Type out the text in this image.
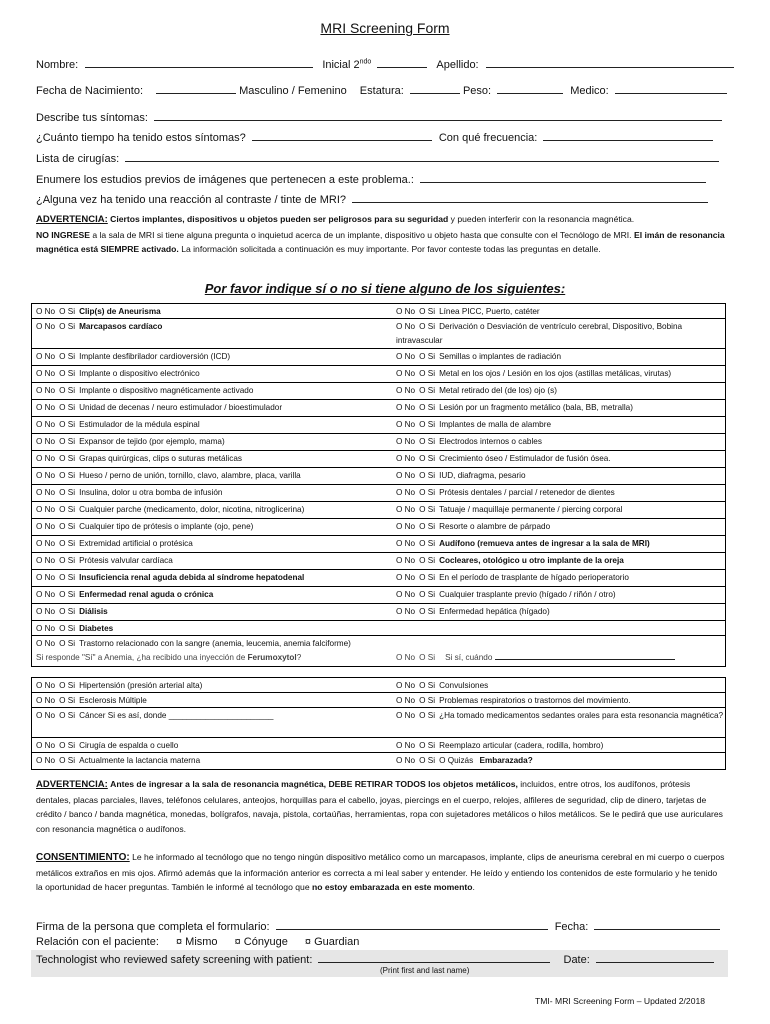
MRI Screening Form
Nombre:	Inicial $2^{ndo}$	Apellido:
Fecha de Nacimiento:	Masculino / Femenino Estatura:	Peso:	Medico:
Describe tus síntomas:
¿Cuánto tiempo ha tenido estos síntomas?	Con qué frecuencia:
Lista de cirugías:
Enumere los estudios previos de imágenes que pertenecen a este problema.:
¿Alguna vez ha tenido una reacción al contraste / tinte de MRI?
ADVERTENCIA: Ciertos implantes, dispositivos u objetos pueden ser peligrosos para su seguridad y pueden interferir con la resonancia magnética.
NO INGRESE a la sala de MRI si tiene alguna pregunta o inquietud acerca de un implante, dispositivo u objeto hasta que consulte con el Tecnólogo de MRI. El imán de resonancia magnética está SIEMPRE activado. La información solicitada a continuación es muy importante. Por favor conteste todas las preguntas en detalle.
Por favor indique sí o no si tiene alguno de los siguientes:
O No O Si Clip(s) de Aneurisma	O No O Si Línea PICC, Puerto, catéter
O No O Si Marcapasos cardíaco	O No O Si Derivación o Desviación de ventrículo cerebral, Dispositivo, Bobina intravascular
O No O Si Implante desfibrilador cardioversión (ICD)	O No O Si Semillas o implantes de radiación
O No O Si Implante o dispositivo electrónico	O No O Si Metal en los ojos / Lesión en los ojos (astillas metálicas, virutas)
O No O Si Implante o dispositivo magnéticamente activado	O No O Si Metal retirado del (de los) ojo (s)
O No O Si Unidad de decenas / neuro estimulador / bioestimulador	O No O Si Lesión por un fragmento metálico (bala, BB, metralla)
O No O Si Estimulador de la médula espinal	O No O Si Implantes de malla de alambre
O No O Si Expansor de tejido (por ejemplo, mama)	O No O Si Electrodos internos o cables
O No O Si Grapas quirúrgicas, clips o suturas metálicas	O No O Si Crecimiento óseo / Estimulador de fusión ósea.
O No O Si Hueso / perno de unión, tornillo, clavo, alambre, placa, varilla	O No O Si IUD, diafragma, pesario
O No O Si Insulina, dolor u otra bomba de infusión	O No O Si Prótesis dentales / parcial / retenedor de dientes
O No O Si Cualquier parche (medicamento, dolor, nicotina, nitroglicerina)	O No O Si Tatuaje / maquillaje permanente / piercing corporal
O No O Si Cualquier tipo de prótesis o implante (ojo, pene)	O No O Si Resorte o alambre de párpado
O No O Si Extremidad artificial o protésica	O No O Si Audífono (remueva antes de ingresar a la sala de MRI)
O No O Si Prótesis valvular cardíaca	O No O Si Cocleares, otológico u otro implante de la oreja
O No O Si Insuficiencia renal aguda debida al síndrome hepatodenal	O No O Si En el período de trasplante de hígado perioperatorio
O No O Si Enfermedad renal aguda o crónica	O No O Si Cualquier trasplante previo (hígado / riñón / otro)
O No O Si Diálisis	O No O Si Enfermedad hepática (hígado)
O No O Si Diabetes
O No O Si Trastorno relacionado con la sangre (anemia, leucemia, anemia falciforme)
Si responde "Sí" a Anemia, ¿ha recibido una inyección de Ferumoxytol?	O No O Si Si sí, cuándo
O No O Si Hipertensión (presión arterial alta)	O No O Si Convulsiones
O No O Si Esclerosis Múltiple	O No O Si Problemas respiratorios o trastornos del movimiento.
O No O Si Cáncer Si es así, donde _______________________	O No O Si ¿Ha tomado medicamentos sedantes orales para esta resonancia magnética?
O No O Si Cirugía de espalda o cuello	O No O Si Reemplazo articular (cadera, rodilla, hombro)
O No O Si Actualmente la lactancia materna	O No O Si O Quizás Embarazada?
ADVERTENCIA: Antes de ingresar a la sala de resonancia magnética, DEBE RETIRAR TODOS los objetos metálicos, incluidos, entre otros, los audífonos, prótesis dentales, placas parciales, llaves, teléfonos celulares, anteojos, horquillas para el cabello, joyas, piercings en el cuerpo, relojes, alfileres de seguridad, clip de dinero, tarjetas de crédito / banco / banda magnética, monedas, bolígrafos, navaja, pistola, cortaúñas, herramientas, ropa con sujetadores metálicos o hilos metálicos. Se le pedirá que use auriculares con resonancia magnética o audífonos.
CONSENTIMIENTO: Le he informado al tecnólogo que no tengo ningún dispositivo metálico como un marcapasos, implante, clips de aneurisma cerebral en mi cuerpo o cuerpos metálicos extraños en mis ojos. Afirmó además que la información anterior es correcta a mi leal saber y entender. He leído y entiendo los contenidos de este formulario y he tenido la oportunidad de hacer preguntas. También le informé al tecnólogo que no estoy embarazada en este momento.
Firma de la persona que completa el formulario:	Fecha:
Relación con el paciente: ¤ Mismo ¤ Cónyuge ¤ Guardian
Technologist who reviewed safety screening with patient:	Date:
(Print first and last name)
TMI- MRI Screening Form – Updated 2/2018
